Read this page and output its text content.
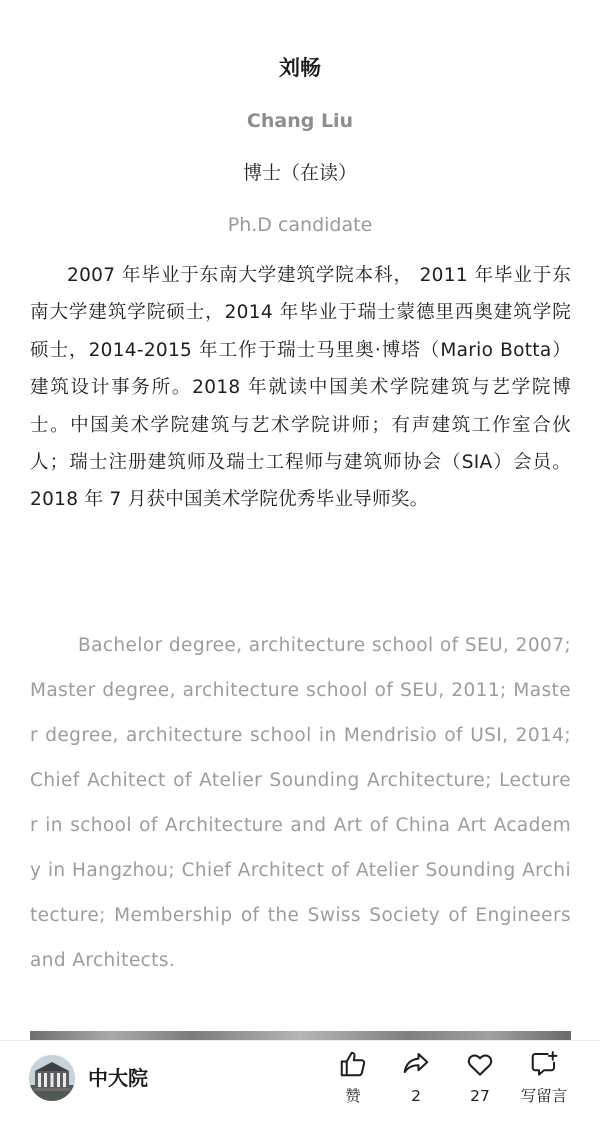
刘畅
Chang Liu
博士（在读）
Ph.D candidate

2007 年毕业于东南大学建筑学院本科， 2011 年毕业于东南大学建筑学院硕士，2014 年毕业于瑞士蒙德里西奥建筑学院硕士，2014-2015 年工作于瑞士马里奥·博塔（Mario Botta）建筑设计事务所。2018 年就读中国美术学院建筑与艺学院博士。中国美术学院建筑与艺术学院讲师；有声建筑工作室合伙人；瑞士注册建筑师及瑞士工程师与建筑师协会（SIA）会员。2018 年 7 月获中国美术学院优秀毕业导师奖。

Bachelor degree, architecture school of SEU, 2007; Master degree, architecture school of SEU, 2011; Master degree, architecture school in Mendrisio of USI, 2014; Chief Achitect of Atelier Sounding Architecture; Lecturer in school of Architecture and Art of China Art Academy in Hangzhou; Chief Architect of Atelier Sounding Architecture; Membership of the Swiss Society of Engineers and Architects.

中大院
赞	2	27	写留言
